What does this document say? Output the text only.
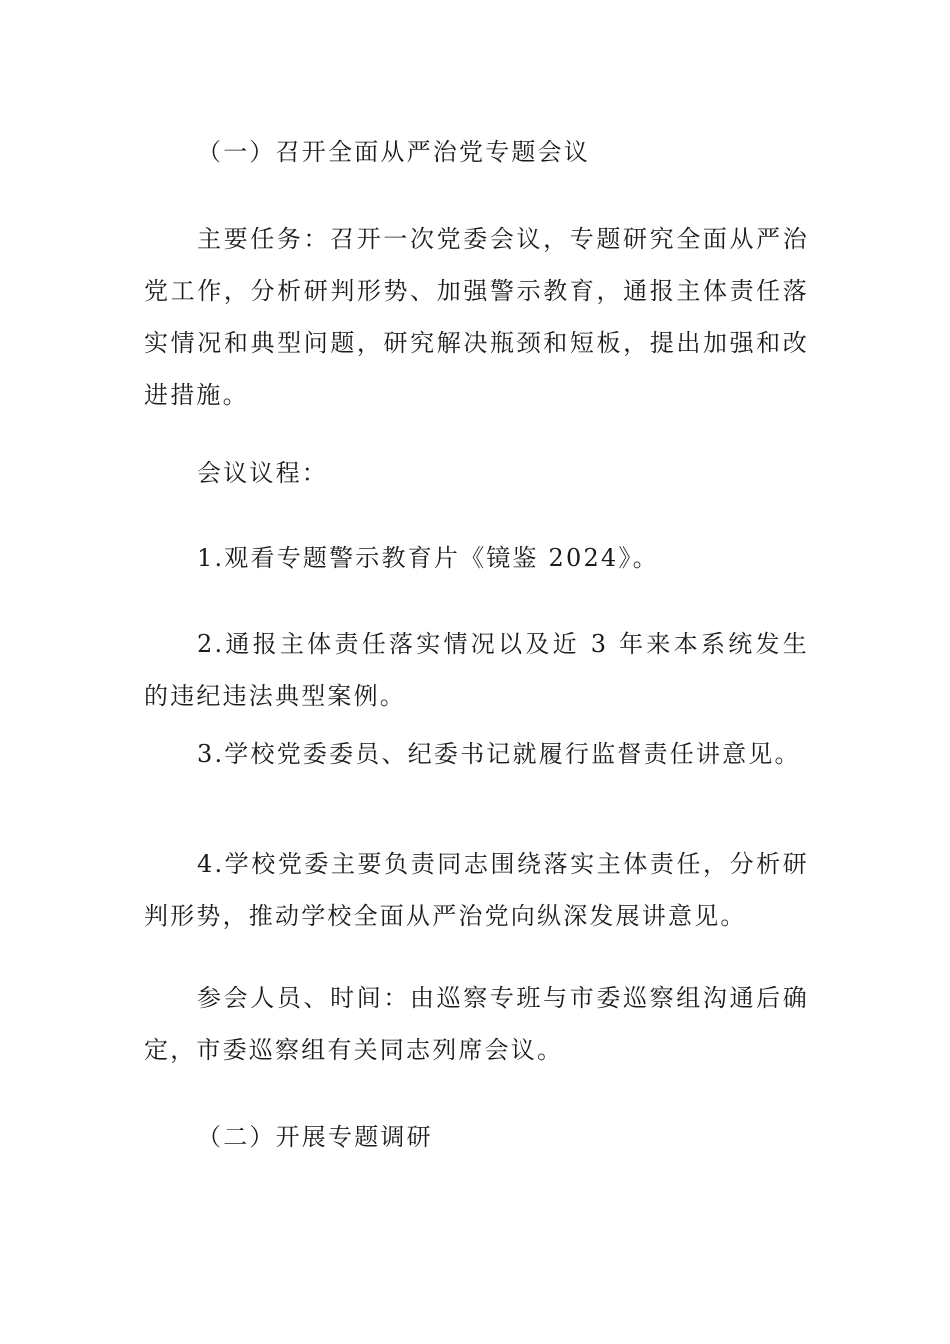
（一）召开全面从严治党专题会议

主要任务：召开一次党委会议，专题研究全面从严治党工作，分析研判形势、加强警示教育，通报主体责任落实情况和典型问题，研究解决瓶颈和短板，提出加强和改进措施。

会议议程：

1.观看专题警示教育片《镜鉴 2024》。

2.通报主体责任落实情况以及近 3 年来本系统发生的违纪违法典型案例。

3.学校党委委员、纪委书记就履行监督责任讲意见。

4.学校党委主要负责同志围绕落实主体责任，分析研判形势，推动学校全面从严治党向纵深发展讲意见。

参会人员、时间：由巡察专班与市委巡察组沟通后确定，市委巡察组有关同志列席会议。

（二）开展专题调研
